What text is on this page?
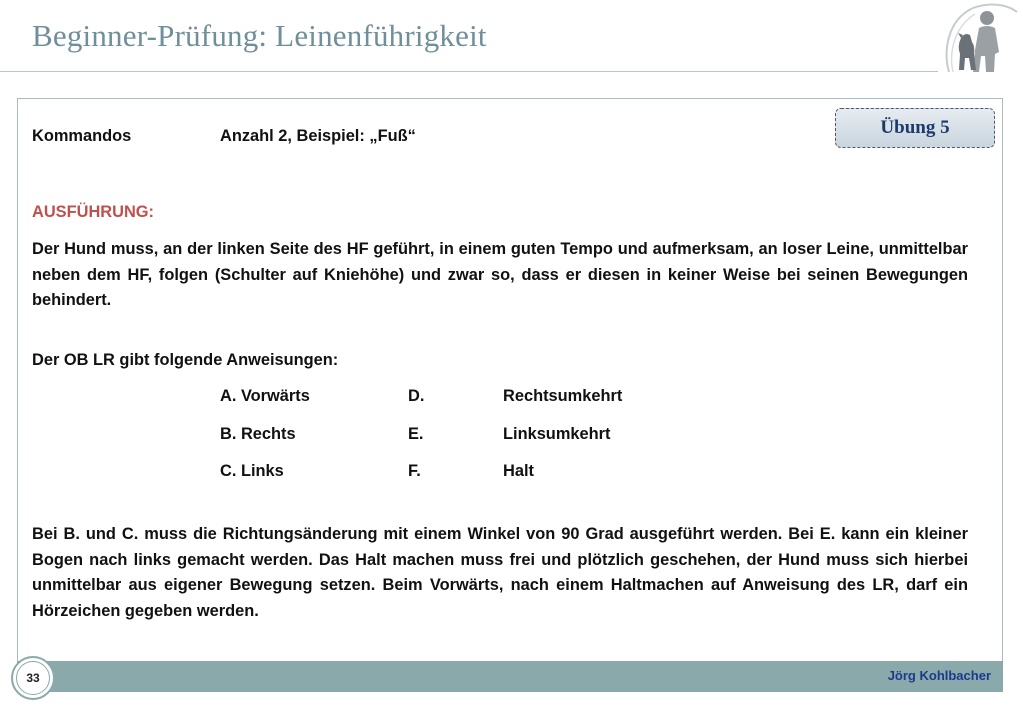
Beginner-Prüfung: Leinenführigkeit
Übung 5
Kommandos	Anzahl 2, Beispiel: „Fuß“
AUSFÜHRUNG:

Der Hund muss, an der linken Seite des HF geführt, in einem guten Tempo und aufmerksam, an loser Leine, unmittelbar neben dem HF, folgen (Schulter auf Kniehöhe) und zwar so, dass er diesen in keiner Weise bei seinen Bewegungen behindert.

Der OB LR gibt folgende Anweisungen:

A. Vorwärts	D.	Rechtsumkehrt
B. Rechts	E.	Linksumkehrt
C. Links	F.	Halt

Bei B. und C. muss die Richtungsänderung mit einem Winkel von 90 Grad ausgeführt werden. Bei E. kann ein kleiner Bogen nach links gemacht werden. Das Halt machen muss frei und plötzlich geschehen, der Hund muss sich hierbei unmittelbar aus eigener Bewegung setzen. Beim Vorwärts, nach einem Haltmachen auf Anweisung des LR, darf ein Hörzeichen gegeben werden.

Jörg Kohlbacher
33
